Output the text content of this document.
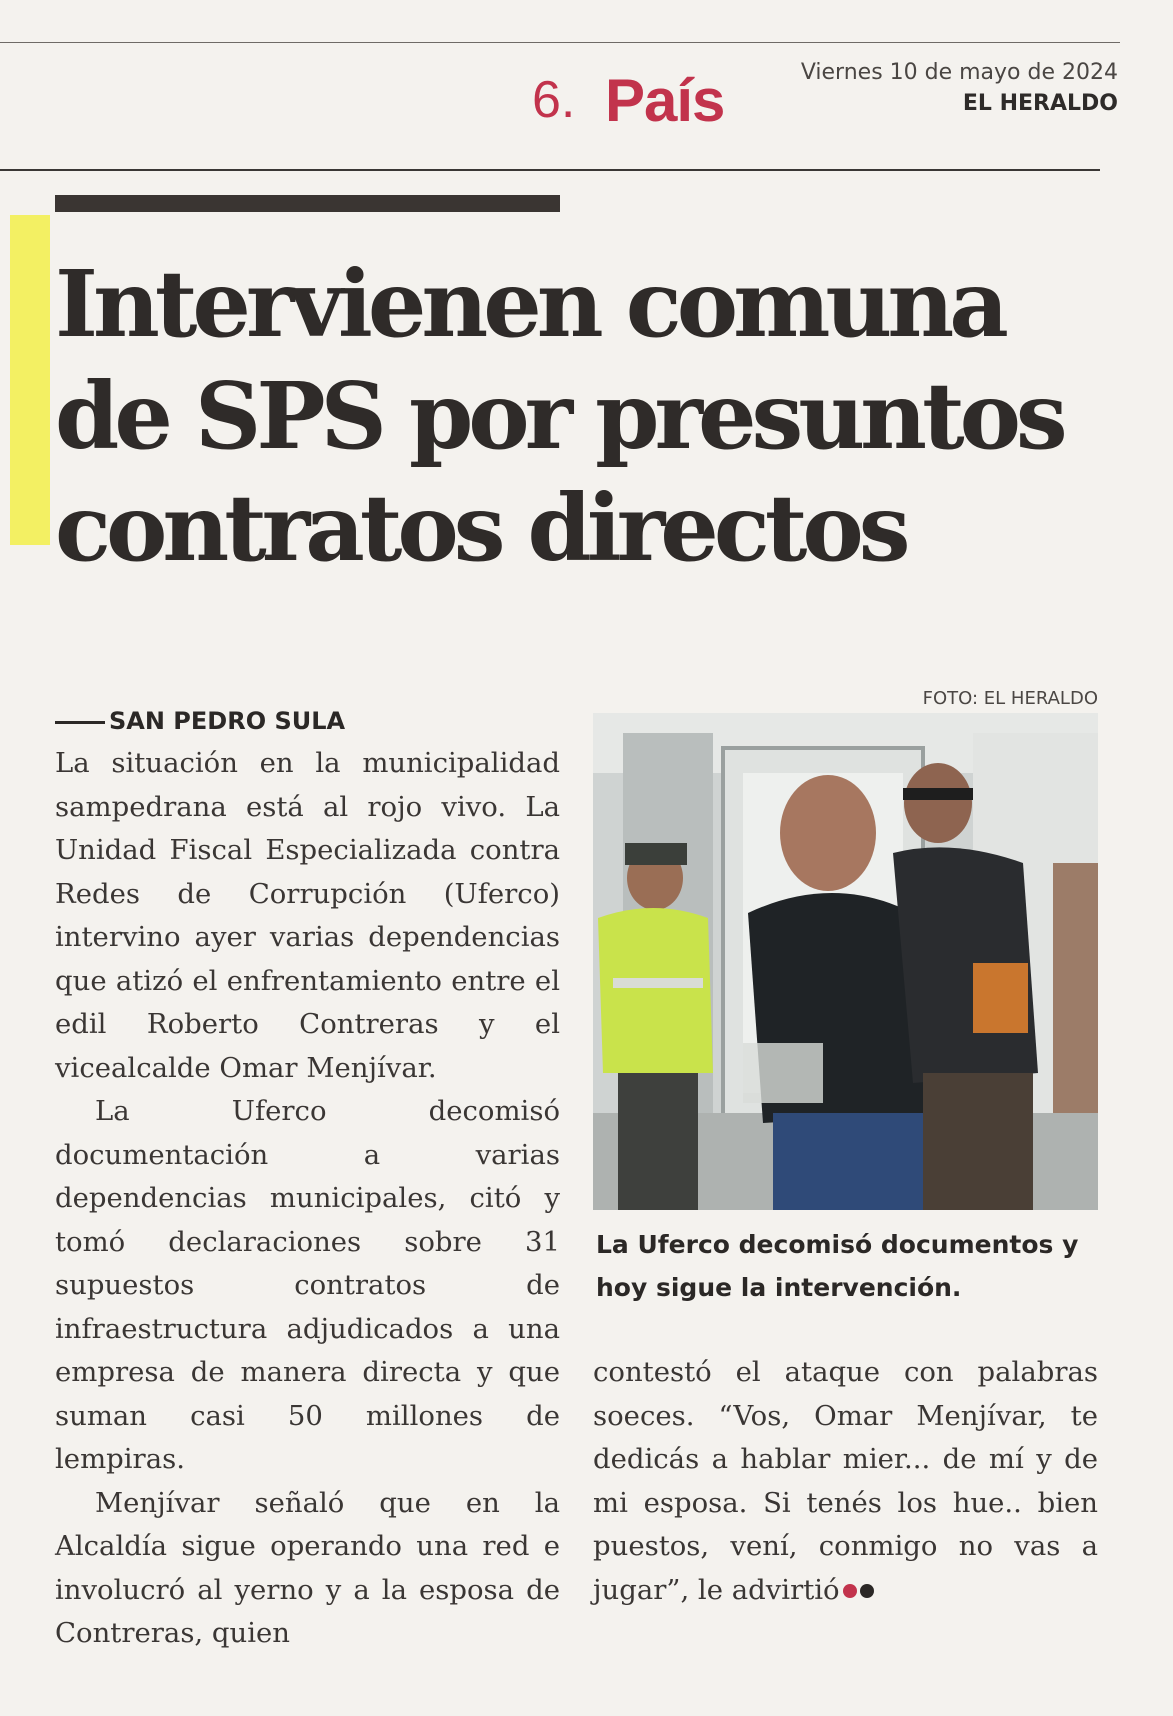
6. País	Viernes 10 de mayo de 2024
EL HERALDO
Intervienen comuna de SPS por presuntos contratos directos
FOTO: EL HERALDO
SAN PEDRO SULA

La situación en la municipalidad sampedrana está al rojo vivo. La Unidad Fiscal Especializada contra Redes de Corrupción (Uferco) intervino ayer varias dependencias que atizó el enfrentamiento entre el edil Roberto Contreras y el vicealcalde Omar Menjívar.

La Uferco decomisó documentación a varias dependencias municipales, citó y tomó declaraciones sobre 31 supuestos contratos de infraestructura adjudicados a una empresa de manera directa y que suman casi 50 millones de lempiras.

Menjívar señaló que en la Alcaldía sigue operando una red e involucró al yerno y a la esposa de Contreras, quien

La Uferco decomisó documentos y hoy sigue la intervención.

contestó el ataque con palabras soeces. “Vos, Omar Menjívar, te dedicás a hablar mier... de mí y de mi esposa. Si tenés los hue.. bien puestos, vení, conmigo no vas a jugar”, le advirtió
